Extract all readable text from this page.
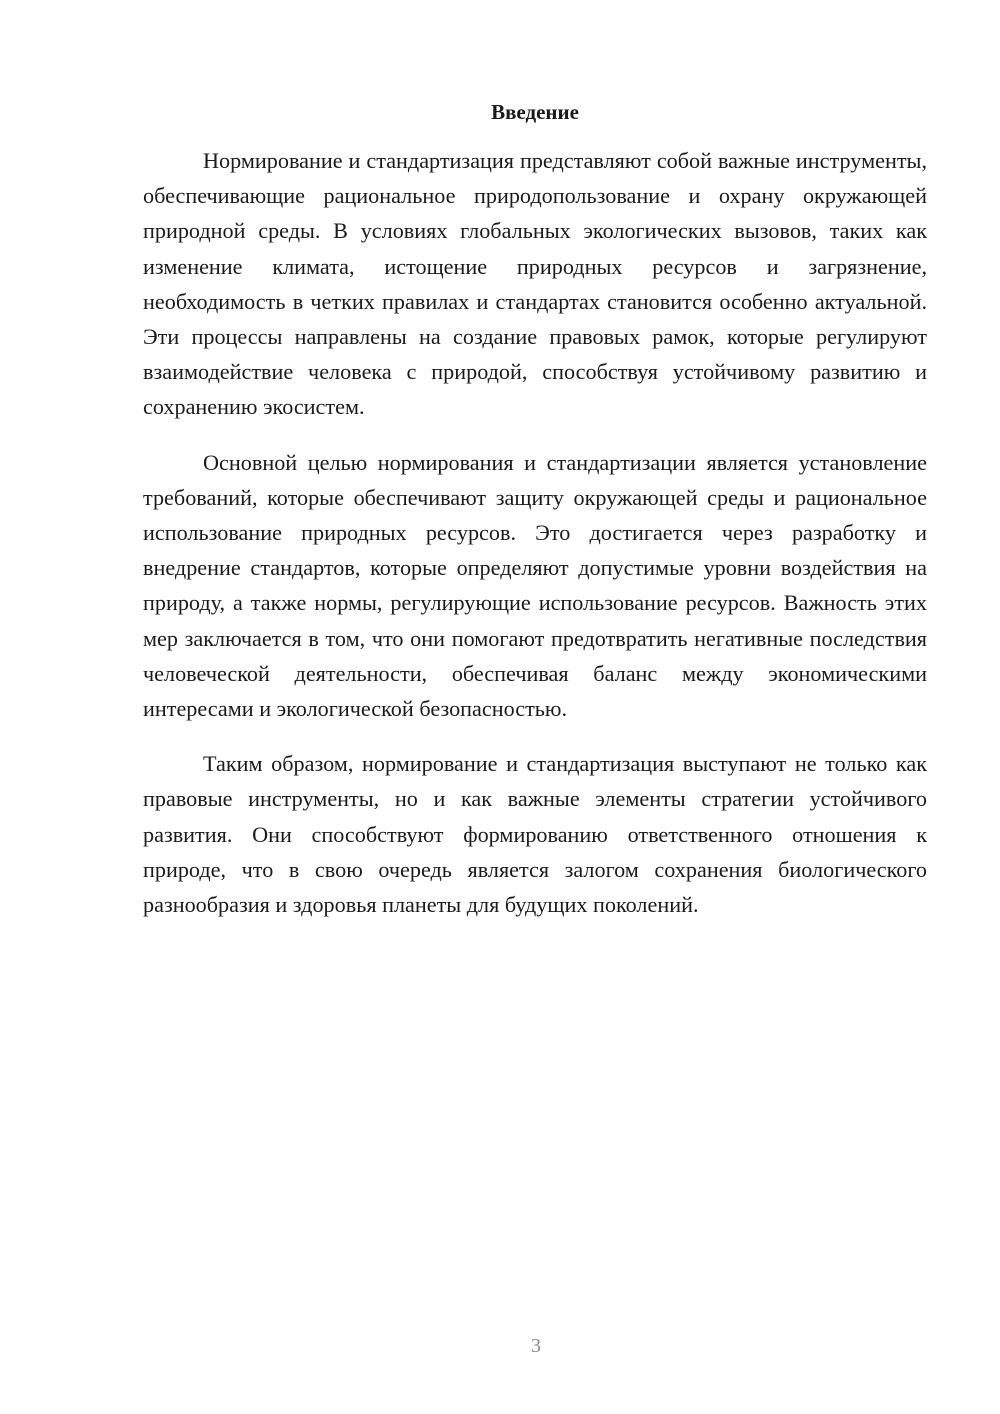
Введение

Нормирование и стандартизация представляют собой важные инструменты, обеспечивающие рациональное природопользование и охрану окружающей природной среды. В условиях глобальных экологических вызовов, таких как изменение климата, истощение природных ресурсов и загрязнение, необходимость в четких правилах и стандартах становится особенно актуальной. Эти процессы направлены на создание правовых рамок, которые регулируют взаимодействие человека с природой, способствуя устойчивому развитию и сохранению экосистем.

Основной целью нормирования и стандартизации является установление требований, которые обеспечивают защиту окружающей среды и рациональное использование природных ресурсов. Это достигается через разработку и внедрение стандартов, которые определяют допустимые уровни воздействия на природу, а также нормы, регулирующие использование ресурсов. Важность этих мер заключается в том, что они помогают предотвратить негативные последствия человеческой деятельности, обеспечивая баланс между экономическими интересами и экологической безопасностью.

Таким образом, нормирование и стандартизация выступают не только как правовые инструменты, но и как важные элементы стратегии устойчивого развития. Они способствуют формированию ответственного отношения к природе, что в свою очередь является залогом сохранения биологического разнообразия и здоровья планеты для будущих поколений.

3
